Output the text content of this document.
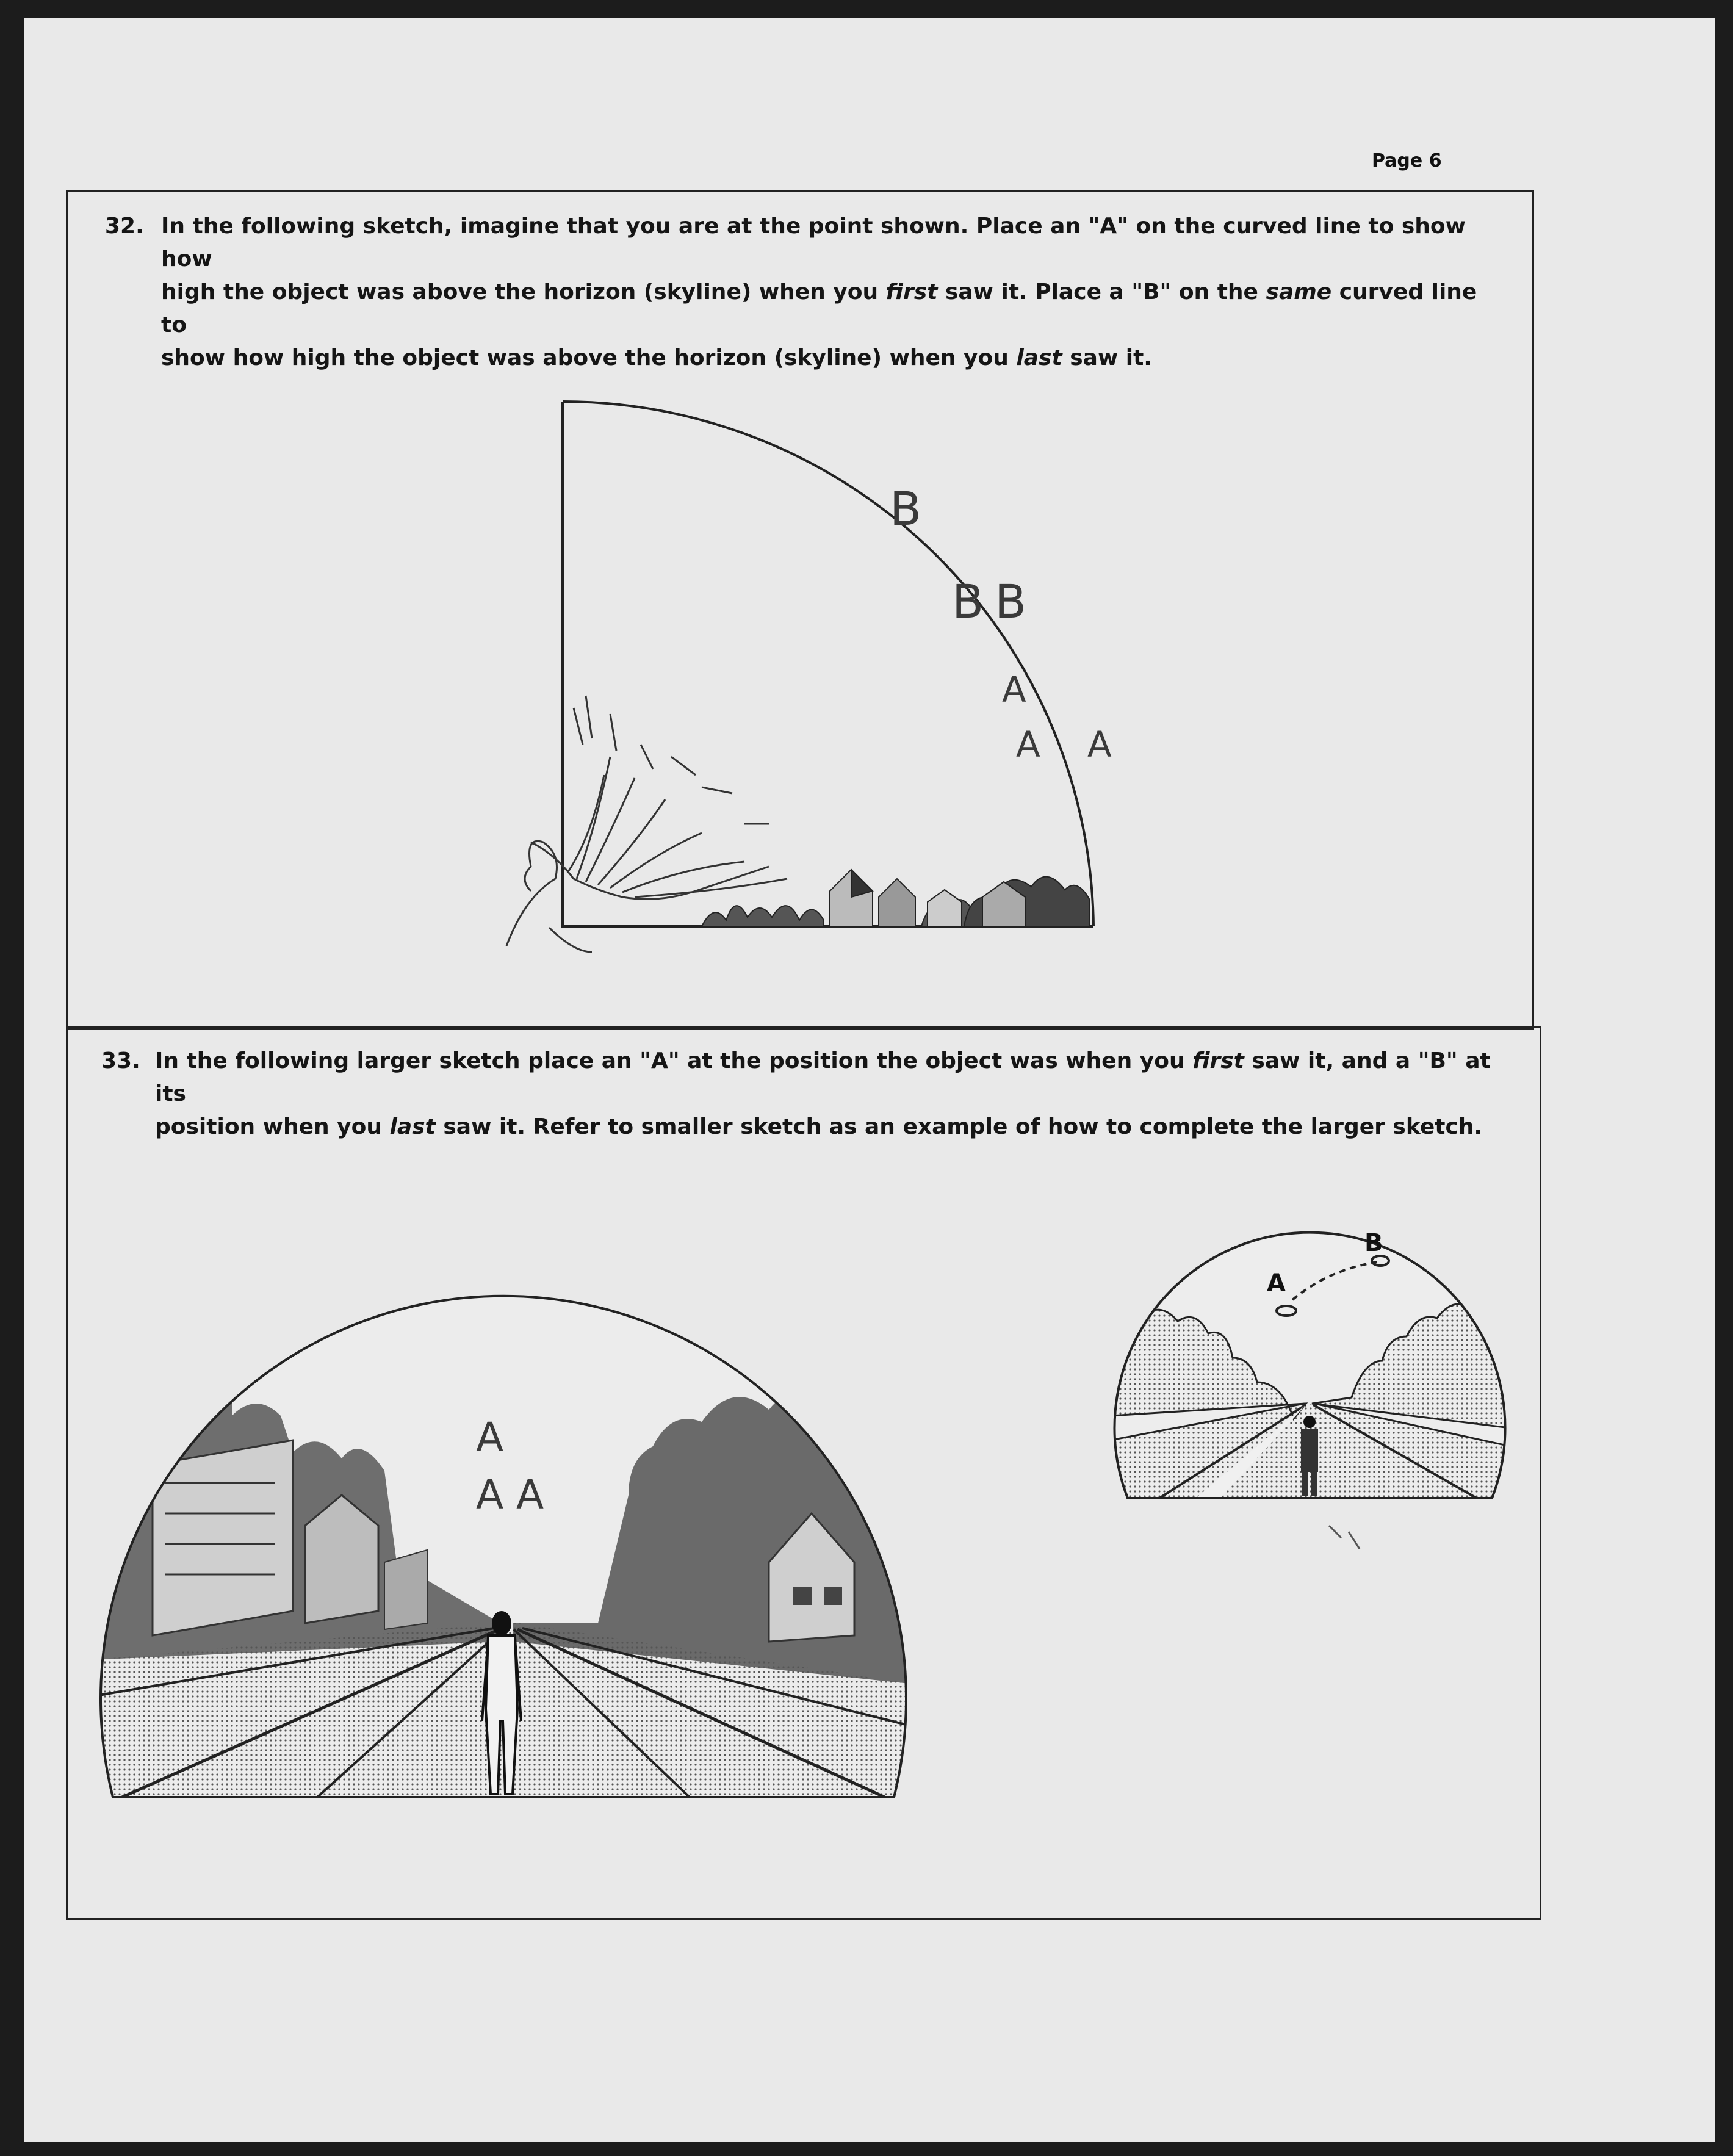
Page 6
32. In the following sketch, imagine that you are at the point shown. Place an "A" on the curved line to show how
high the object was above the horizon (skyline) when you first saw it. Place a "B" on the same curved line to
show how high the object was above the horizon (skyline) when you last saw it.
B
B B
A
A A
33. In the following larger sketch place an "A" at the position the object was when you first saw it, and a "B" at its
position when you last saw it. Refer to smaller sketch as an example of how to complete the larger sketch.
A
A A
A
B
